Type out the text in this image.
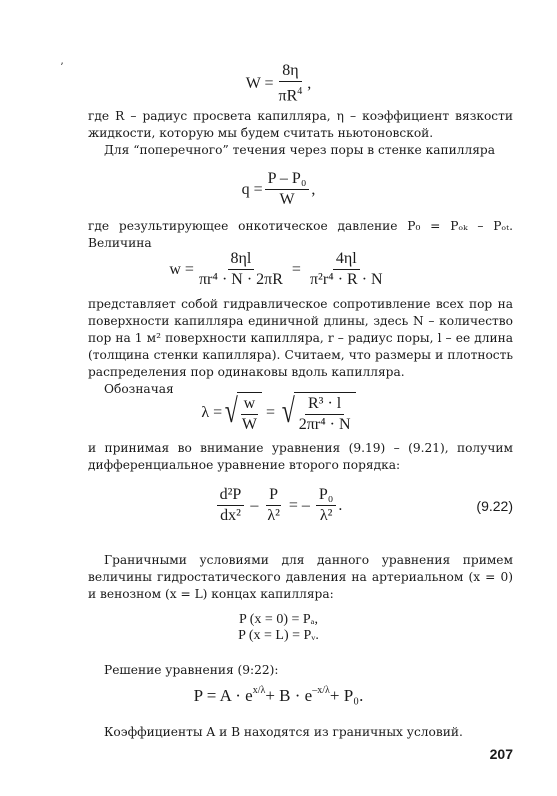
ʼ
$W = \frac{8\eta}{\pi R^4}$ ,

где R – радиус просвета капилляра, η – коэффициент вязкости жидкости, которую мы будем считать ньютоновской.

Для “поперечного” течения через поры в стенке капилляра

$q = \frac{\text{P – P₀}}{W}$ ,

где результирующее онкотическое давление P₀ = Pₒₖ – Pₒₜ. Величина

$w = \frac{8\eta l}{\text{πr⁴ · N · 2πR}} = \frac{4\eta l}{\text{π²r⁴ · R · N}}$

представляет собой гидравлическое сопротивление всех пор на поверхности капилляра единичной длины, здесь N – количество пор на 1 м² поверхности капилляра, r – радиус поры, l – ее длина (толщина стенки капилляра). Считаем, что размеры и плотность распределения пор одинаковы вдоль капилляра.

Обозначая

λ = √ $\frac{w}{W}$ = √ $\frac{\text{R³ · l}}{\text{2πr⁴ · N}}$

и принимая во внимание уравнения (9.19) – (9.21), получим дифференциальное уравнение второго порядка:

$\frac{\text{d²P}}{\text{dx²}} - \frac{P}{\text{λ²}}$ = – $\frac{\text{P₀}}{\text{λ²}}$ .	(9.22)

Граничными условиями для данного уравнения примем величины гидростатического давления на артериальном (x = 0) и венозном (x = L) концах капилляра:

P (x = 0) = Pₐ,
P (x = L) = Pᵥ.

Решение уравнения (9:22):

$P = A \cdot e^{x/\lambda} + B \cdot e^{-x/\lambda} + P_0$.

Коэффициенты A и B находятся из граничных условий.

207
